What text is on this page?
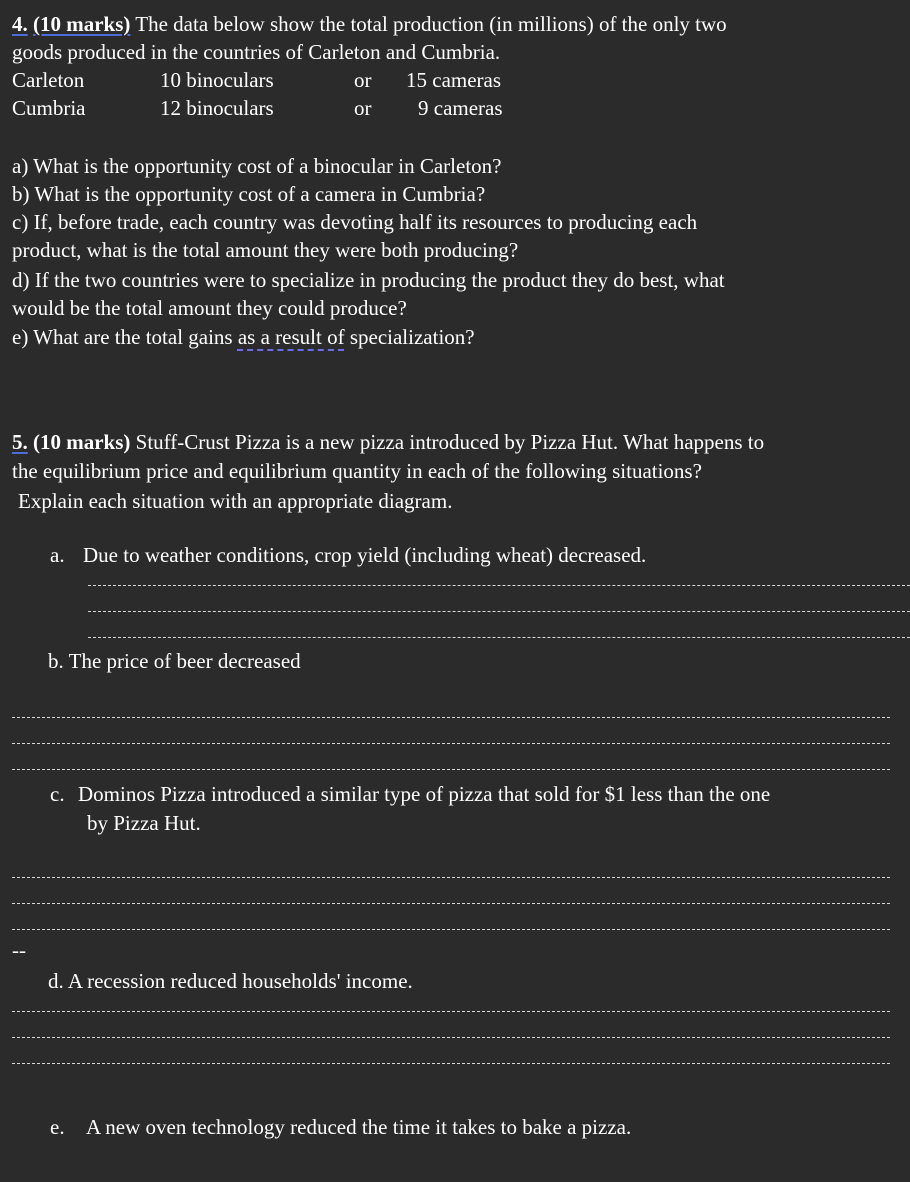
4. (10 marks) The data below show the total production (in millions) of the only two
goods produced in the countries of Carleton and Cumbria.
Carleton	10 binoculars	or 15 cameras
Cumbria	12 binoculars	or 9 cameras
a) What is the opportunity cost of a binocular in Carleton?
b) What is the opportunity cost of a camera in Cumbria?
c) If, before trade, each country was devoting half its resources to producing each
product, what is the total amount they were both producing?
d) If the two countries were to specialize in producing the product they do best, what
would be the total amount they could produce?
e) What are the total gains as a result of specialization?
5. (10 marks) Stuff-Crust Pizza is a new pizza introduced by Pizza Hut. What happens to
the equilibrium price and equilibrium quantity in each of the following situations?
Explain each situation with an appropriate diagram.
a. Due to weather conditions, crop yield (including wheat) decreased.
b. The price of beer decreased
c. Dominos Pizza introduced a similar type of pizza that sold for $1 less than the one
by Pizza Hut.
--
d. A recession reduced households' income.
e. A new oven technology reduced the time it takes to bake a pizza.
